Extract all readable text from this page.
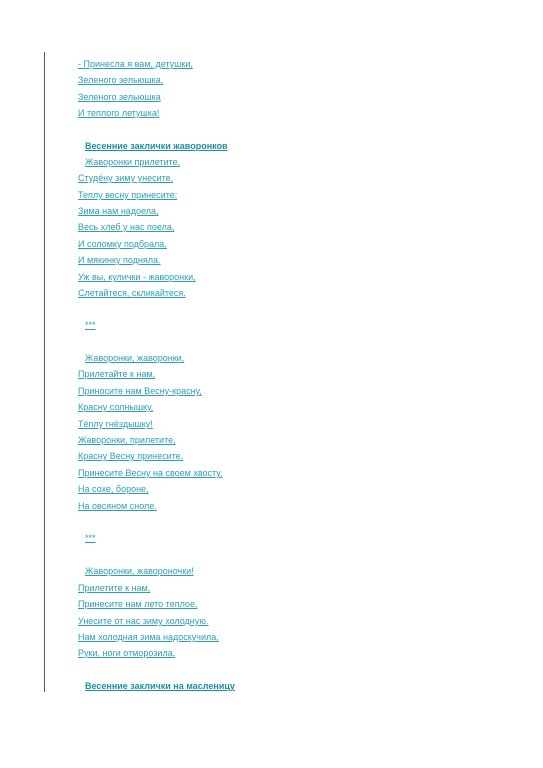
- Принесла я вам, детушки,
Зеленого зельюшка,
Зеленого зельюшка
И теплого летушка!
Весенние заклички жаворонков
Жаворонки прилетите,
Студёну зиму унесите,
Теплу весну принесите:
Зима нам надоела,
Весь хлеб у нас поела,
И соломку подбрала,
И мякинку подняла.
Уж вы, кулички - жаворонки,
Слетайтеся, скликайтеся.
***
Жаворонки, жаворонки,
Прилетайте к нам,
Приносите нам Весну-красну,
Красну солнышку,
Тёплу гнёздышку!
Жаворонки, прилетите,
Красну Весну принесите,
Принесите Весну на своем хвосту,
На сохе, бороне,
На овсяном сноле.
***
Жаворонки, жавороночки!
Прилетите к нам,
Принесите нам лето теплое,
Унесите от нас зиму холодную.
Нам холодная зима надоскучила,
Руки, ноги отморозила.
Весенние заклички на масленицу
